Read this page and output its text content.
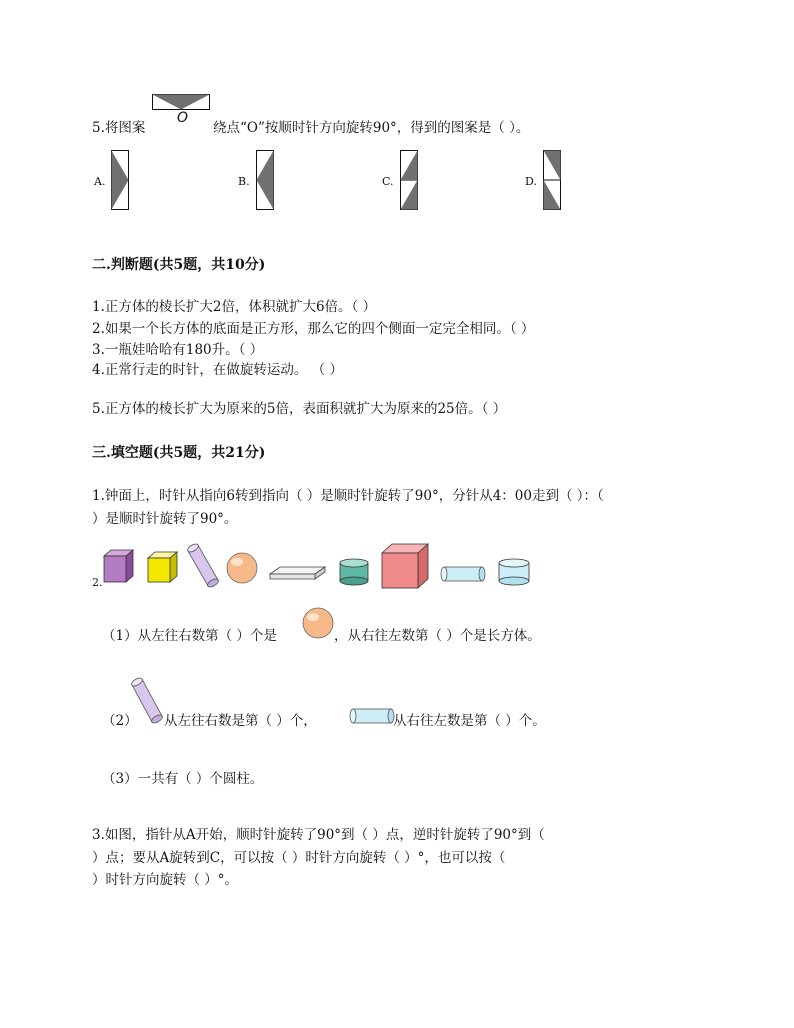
5.将图案
O
绕点“O”按顺时针方向旋转90°，得到的图案是（ ）。
A.	B.	C.	D.
二.判断题(共5题，共10分)
1.正方体的棱长扩大2倍，体积就扩大6倍。（ ）
2.如果一个长方体的底面是正方形，那么它的四个侧面一定完全相同。（ ）
3.一瓶娃哈哈有180升。（ ）
4.正常行走的时针，在做旋转运动。 （ ）
5.正方体的棱长扩大为原来的5倍，表面积就扩大为原来的25倍。（ ）
三.填空题(共5题，共21分)
1.钟面上，时针从指向6转到指向（ ）是顺时针旋转了90°，分针从4：00走到（ ）：（
）是顺时针旋转了90°。
2.
（1）从左往右数第（ ）个是	，从右往左数第（ ）个是长方体。
（2） 从左往右数是第（ ）个，	从右往左数是第（ ）个。
（3）一共有（ ）个圆柱。
3.如图，指针从A开始，顺时针旋转了90°到（ ）点，逆时针旋转了90°到（
）点；要从A旋转到C，可以按（ ）时针方向旋转（ ）°，也可以按（
）时针方向旋转（ ）°。
